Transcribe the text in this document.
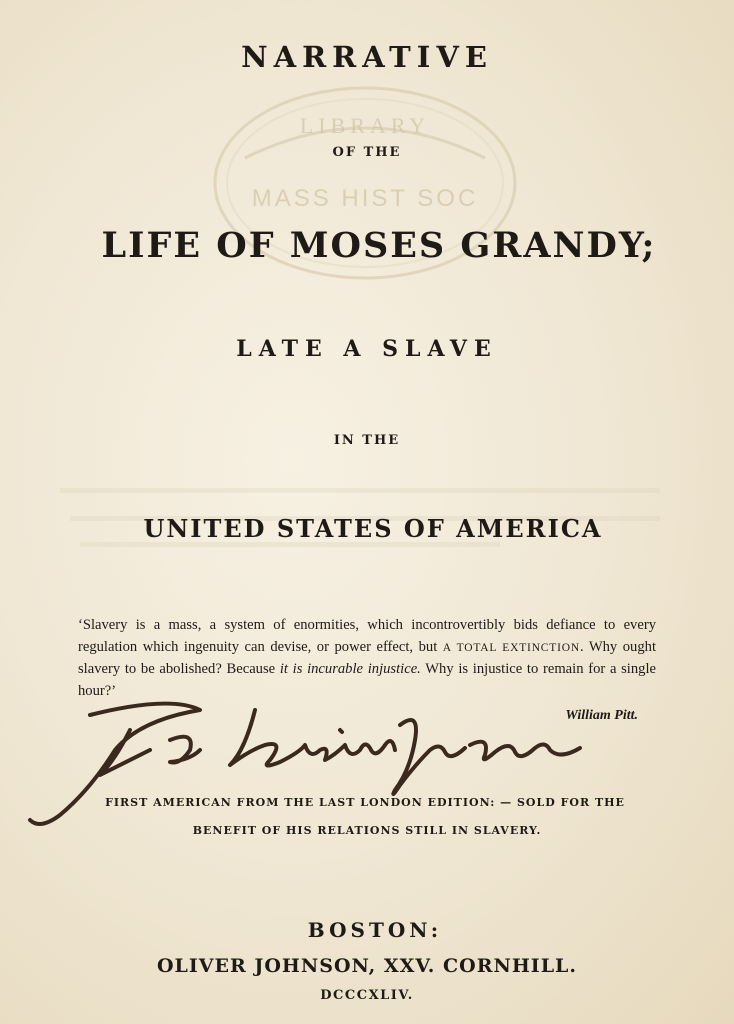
LIBRARY
MASS HIST SOC
NARRATIVE
OF THE
LIFE OF MOSES GRANDY;
LATE A SLAVE
IN THE
UNITED STATES OF AMERICA
‘Slavery is a mass, a system of enormities, which incontrovertibly bids defiance to every regulation which ingenuity can devise, or power effect, but A TOTAL EXTINCTION. Why ought slavery to be abolished? Because it is incurable injustice. Why is injustice to remain for a single hour?’
William Pitt.
FIRST AMERICAN FROM THE LAST LONDON EDITION: — SOLD FOR THE
BENEFIT OF HIS RELATIONS STILL IN SLAVERY.
BOSTON:
OLIVER JOHNSON, XXV. CORNHILL.
DCCCXLIV.
